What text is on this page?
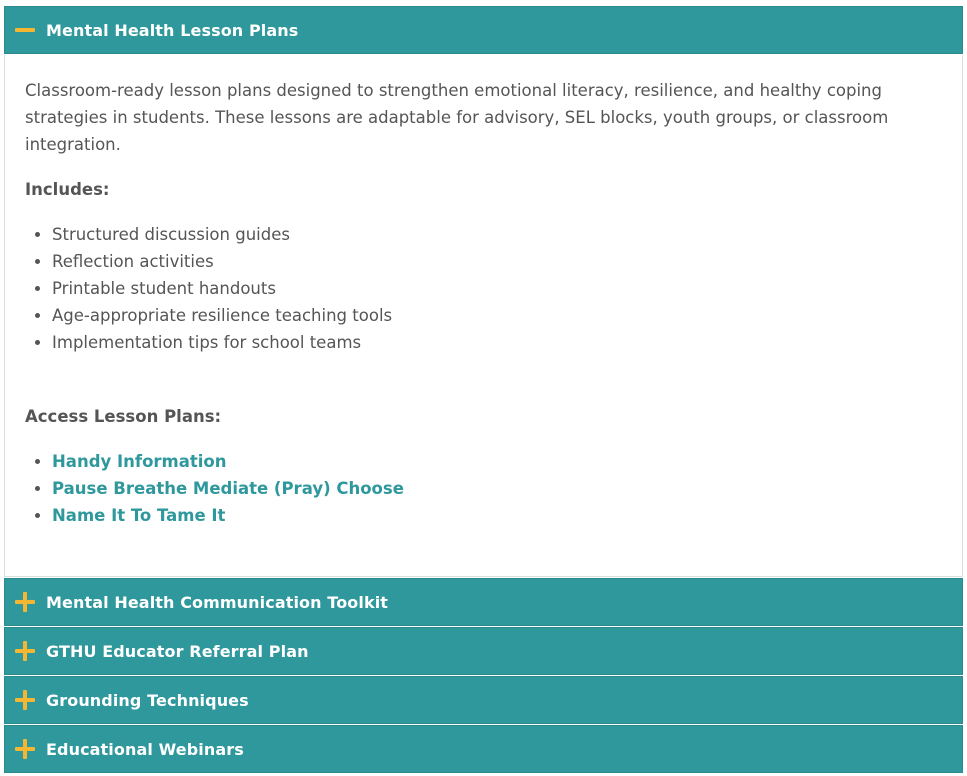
Mental Health Lesson Plans

Classroom-ready lesson plans designed to strengthen emotional literacy, resilience, and healthy coping strategies in students. These lessons are adaptable for advisory, SEL blocks, youth groups, or classroom integration.

Includes:

• Structured discussion guides
• Reflection activities
• Printable student handouts
• Age-appropriate resilience teaching tools
• Implementation tips for school teams

Access Lesson Plans:

• Handy Information
• Pause Breathe Mediate (Pray) Choose
• Name It To Tame It
Mental Health Communication Toolkit
GTHU Educator Referral Plan
Grounding Techniques
Educational Webinars
